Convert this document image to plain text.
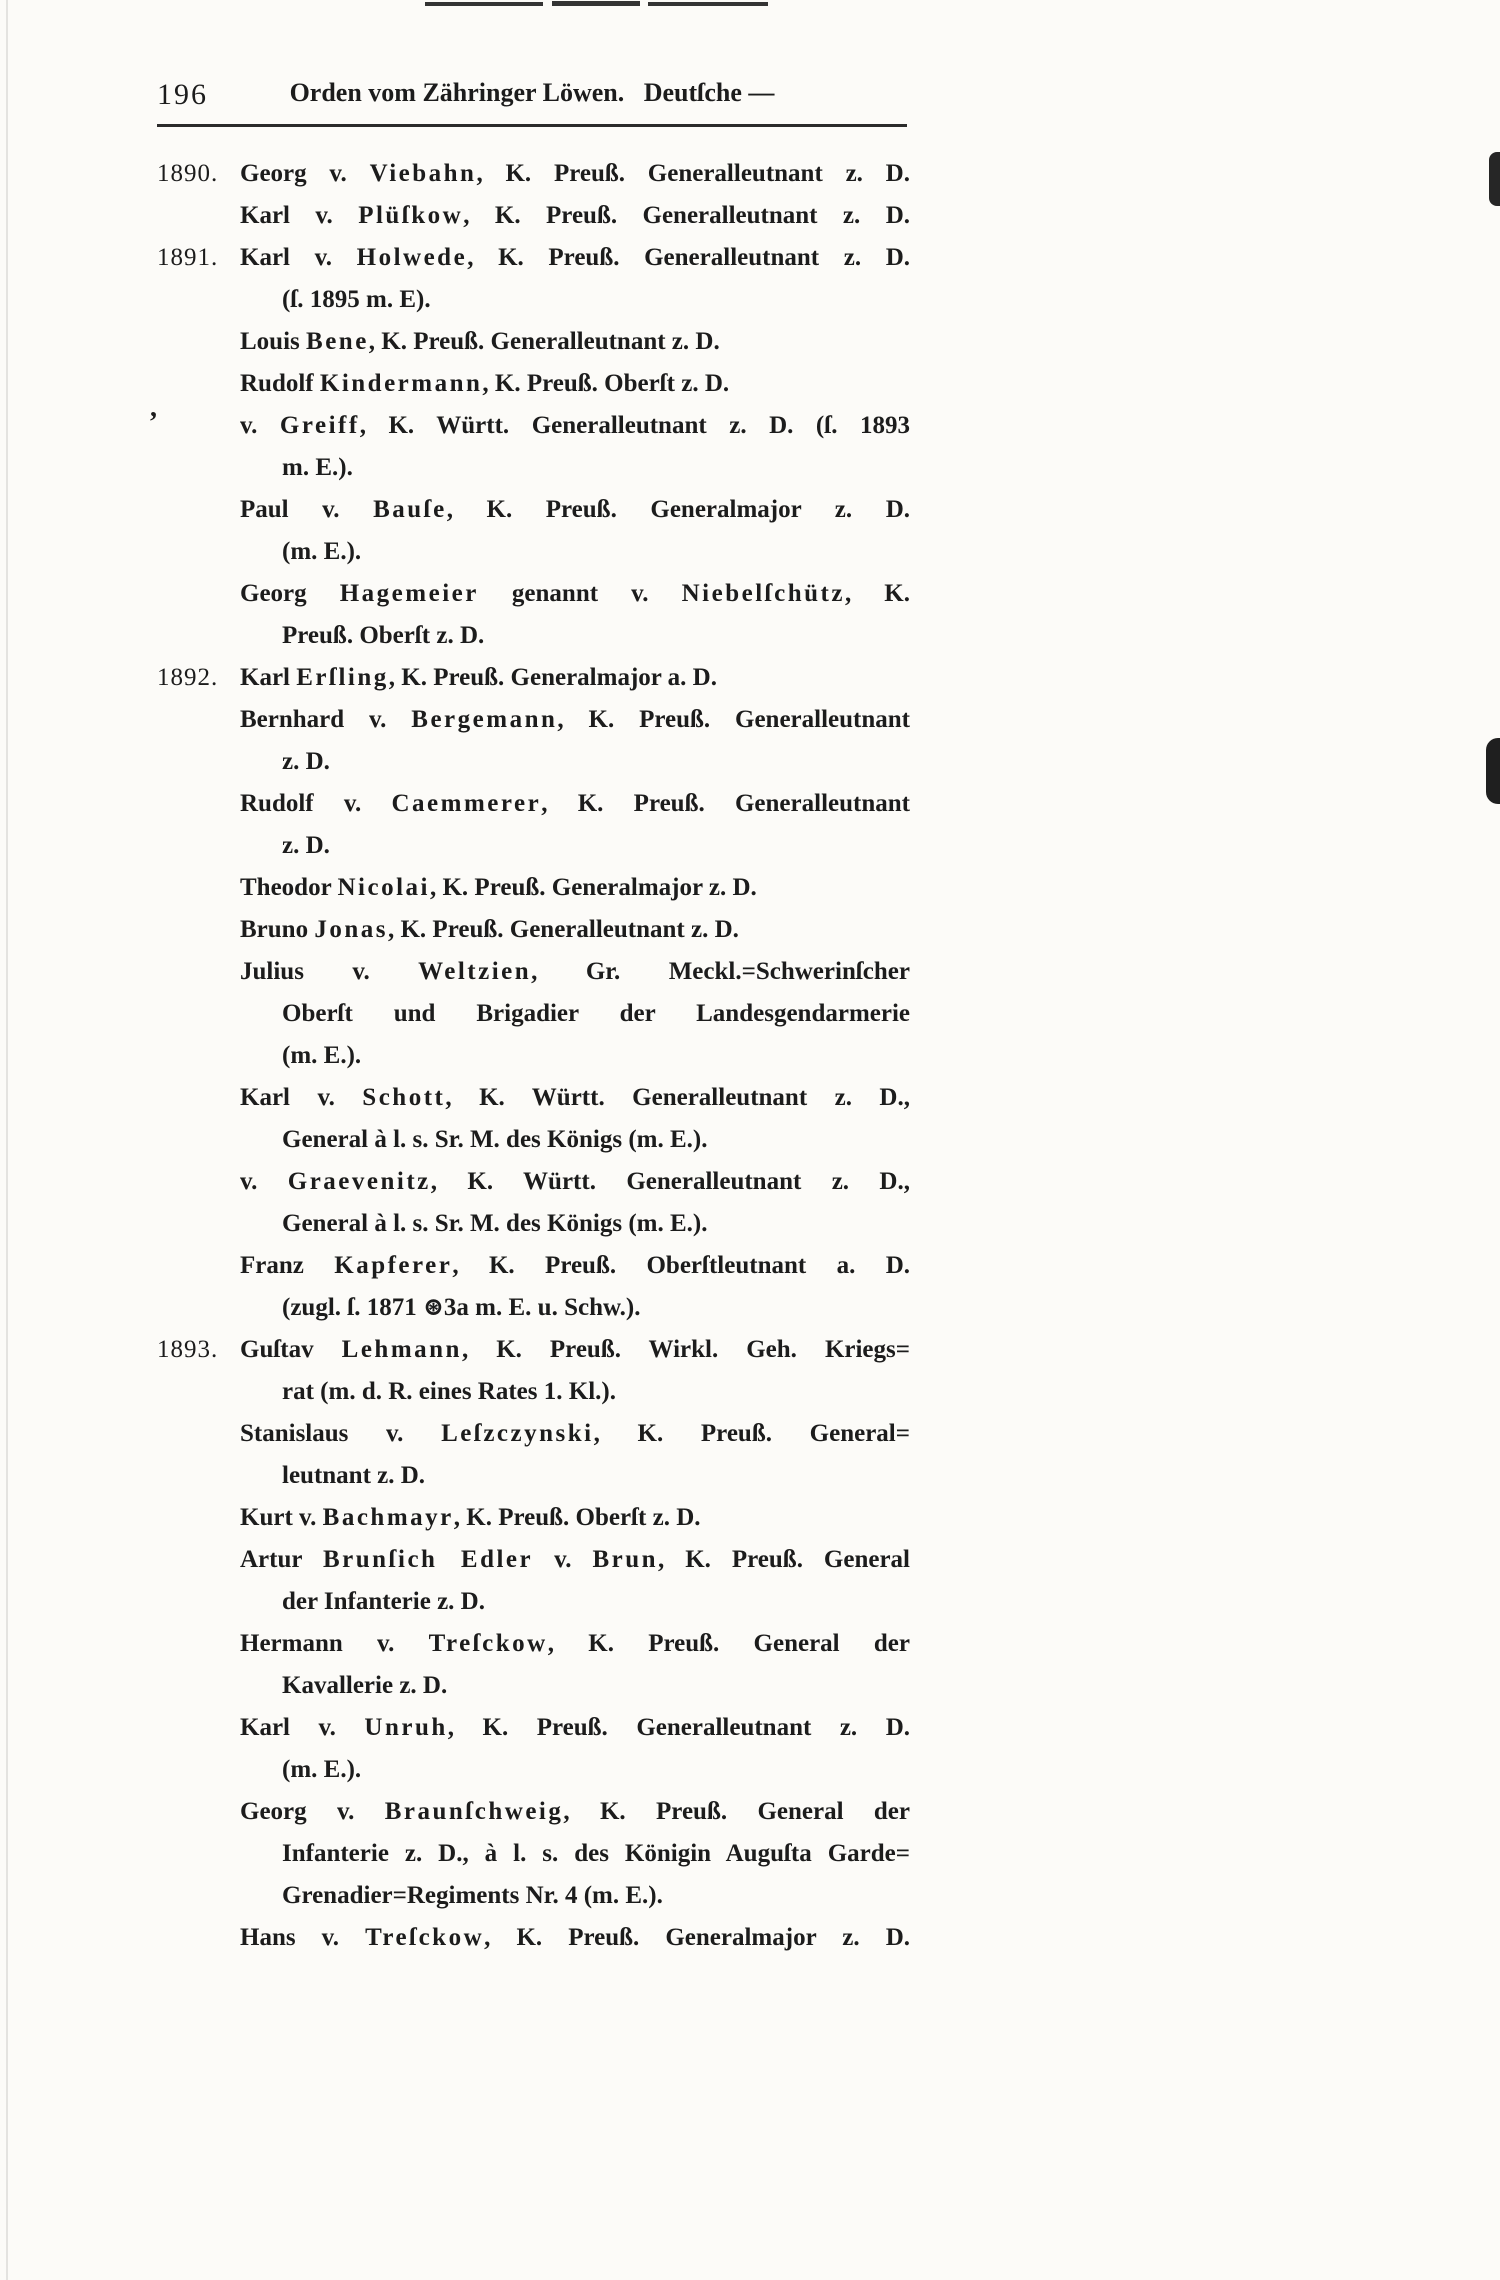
196	Orden vom Zähringer Löwen.   Deutſche —
1890. Georg v. Viebahn, K. Preuß. Generalleutnant z. D.
Karl v. Plüſkow, K. Preuß. Generalleutnant z. D.
1891. Karl v. Holwede, K. Preuß. Generalleutnant z. D.
(ſ. 1895 m. E).
Louis Bene, K. Preuß. Generalleutnant z. D.
Rudolf Kindermann, K. Preuß. Oberſt z. D.
v. Greiff, K. Württ. Generalleutnant z. D. (ſ. 1893
m. E.).
Paul v. Bauſe, K. Preuß. Generalmajor z. D.
(m. E.).
Georg Hagemeier genannt v. Niebelſchütz, K.
Preuß. Oberſt z. D.
1892. Karl Erſling, K. Preuß. Generalmajor a. D.
Bernhard v. Bergemann, K. Preuß. Generalleutnant
z. D.
Rudolf v. Caemmerer, K. Preuß. Generalleutnant
z. D.
Theodor Nicolai, K. Preuß. Generalmajor z. D.
Bruno Jonas, K. Preuß. Generalleutnant z. D.
Julius v. Weltzien, Gr. Meckl.=Schwerinſcher
Oberſt und Brigadier der Landesgendarmerie
(m. E.).
Karl v. Schott, K. Württ. Generalleutnant z. D.,
General à l. s. Sr. M. des Königs (m. E.).
v. Graevenitz, K. Württ. Generalleutnant z. D.,
General à l. s. Sr. M. des Königs (m. E.).
Franz Kapferer, K. Preuß. Oberſtleutnant a. D.
(zugl. ſ. 1871 ⊛3a m. E. u. Schw.).
1893. Guſtav Lehmann, K. Preuß. Wirkl. Geh. Kriegs=
rat (m. d. R. eines Rates 1. Kl.).
Stanislaus v. Leſzczynski, K. Preuß. General=
leutnant z. D.
Kurt v. Bachmayr, K. Preuß. Oberſt z. D.
Artur Brunſich Edler v. Brun, K. Preuß. General
der Infanterie z. D.
Hermann v. Treſckow, K. Preuß. General der
Kavallerie z. D.
Karl v. Unruh, K. Preuß. Generalleutnant z. D.
(m. E.).
Georg v. Braunſchweig, K. Preuß. General der
Infanterie z. D., à l. s. des Königin Auguſta Garde=
Grenadier=Regiments Nr. 4 (m. E.).
Hans v. Treſckow, K. Preuß. Generalmajor z. D.
,
